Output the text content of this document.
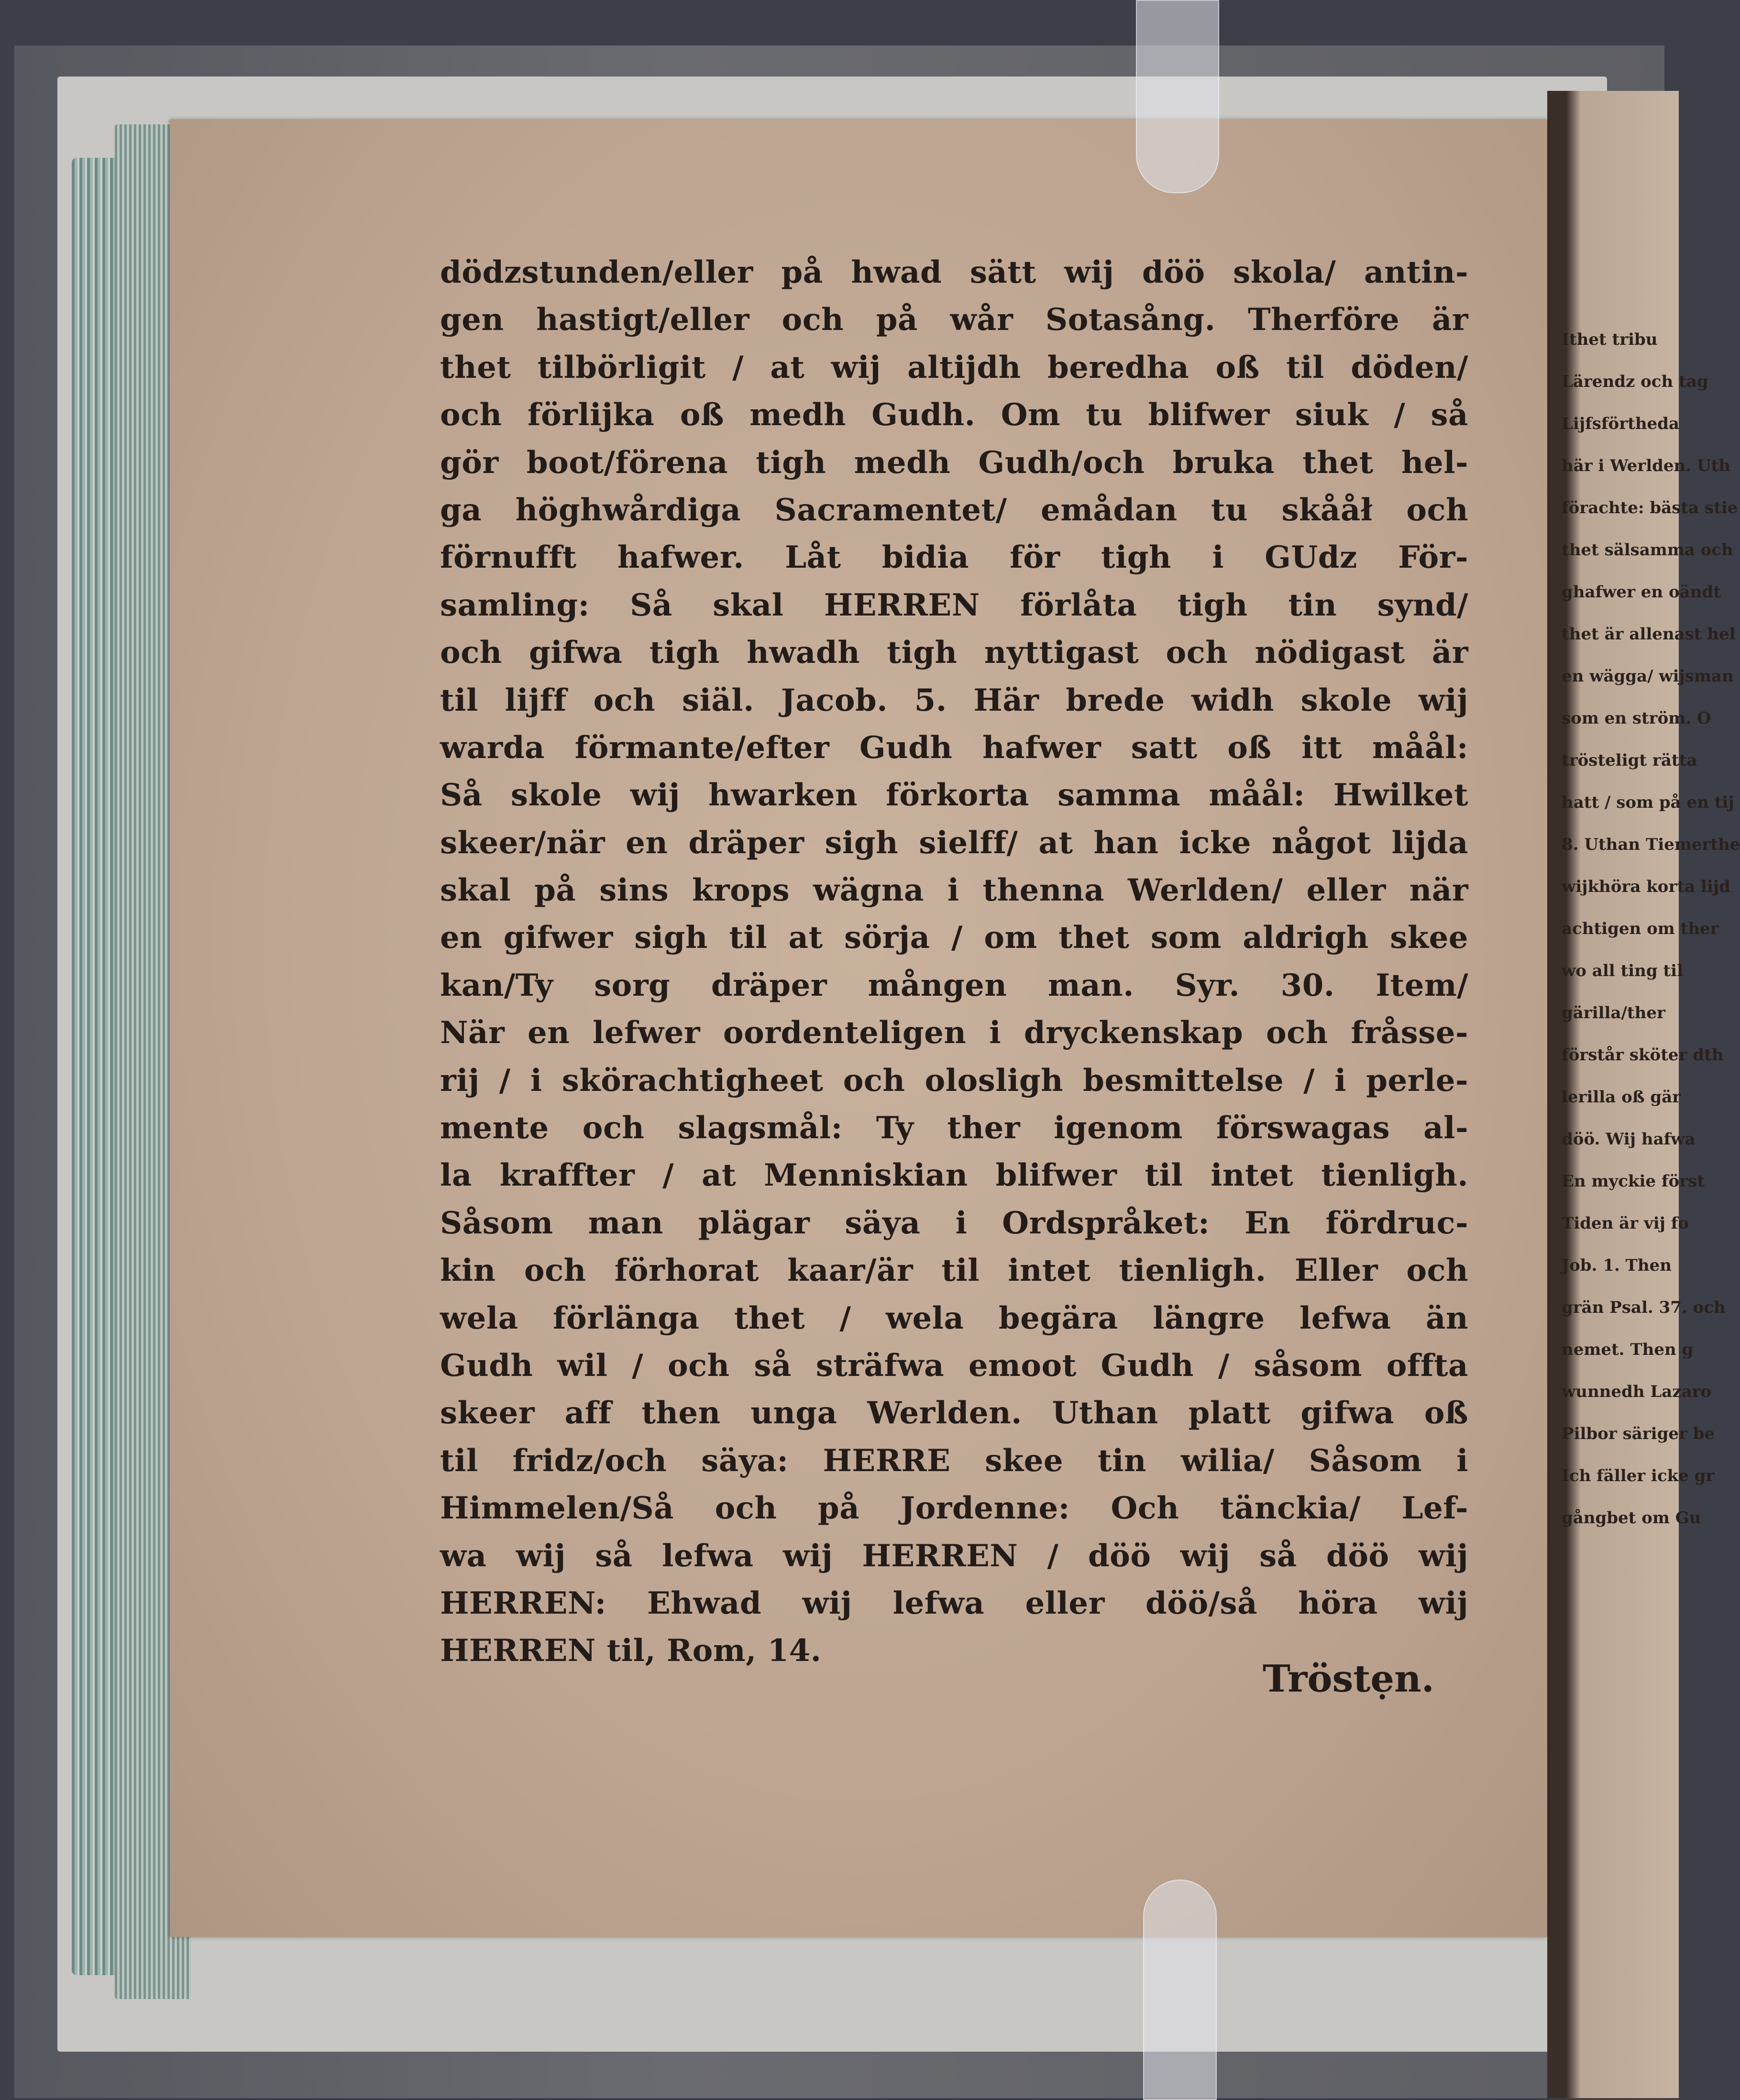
dödzstunden/eller på hwad sätt wij döö skola/ antin-
gen hastigt/eller och på wår Sotasång. Therföre är
thet tilbörligit / at wij altijdh beredha oß til döden/
och förlijka oß medh Gudh. Om tu blifwer siuk / så
gör boot/förena tigh medh Gudh/och bruka thet hel-
ga höghwårdiga Sacramentet/ emådan tu skååł och
förnufft hafwer. Låt bidia för tigh i GUdz För-
samling: Så skal HERREN förlåta tigh tin synd/
och gifwa tigh hwadh tigh nyttigast och nödigast är
til lijff och siäl. Jacob. 5. Här brede widh skole wij
warda förmante/efter Gudh hafwer satt oß itt måål:
Så skole wij hwarken förkorta samma måål: Hwilket
skeer/när en dräper sigh sielff/ at han icke något lijda
skal på sins krops wägna i thenna Werlden/ eller när
en gifwer sigh til at sörja / om thet som aldrigh skee
kan/Ty sorg dräper mången man. Syr. 30. Item/
När en lefwer oordenteligen i dryckenskap och fråsse-
rij / i skörachtigheet och olosligh besmittelse / i perle-
mente och slagsmål: Ty ther igenom förswagas al-
la kraffter / at Menniskian blifwer til intet tienligh.
Såsom man plägar säya i Ordspråket: En fördruc-
kin och förhorat kaar/är til intet tienligh. Eller och
wela förlänga thet / wela begära längre lefwa än
Gudh wil / och så sträfwa emoot Gudh / såsom offta
skeer aff then unga Werlden. Uthan platt gifwa oß
til fridz/och säya: HERRE skee tin wilia/ Såsom i
Himmelen/Så och på Jordenne: Och tänckia/ Lef-
wa wij så lefwa wij HERREN / döö wij så döö wij
HERREN: Ehwad wij lefwa eller döö/så höra wij
HERREN til, Rom, 14.
Tröstẹn.
Ithet tribu
Lärendz och tag
Lijfsförtheda
här i Werlden. Uth
förachte: bästa stie
thet sälsamma och
ghafwer en oändt
thet är allenast hel
en wägga/ wijsman
som en ström. O
trösteligt rätta
hatt / som på en tij
8. Uthan Tiemerthe
wijkhöra korta lijd
achtigen om ther
wo all ting til
gärilla/ther
förstår sköter dth
lerilla oß gär
döö. Wij hafwa
En myckie först
Tiden är vij fo
Job. 1. Then
grän Psal. 37. och
nemet. Then g
wunnedh Lazaro
Pilbor säriger be
Ich fäller icke gr
gångbet om Gu
